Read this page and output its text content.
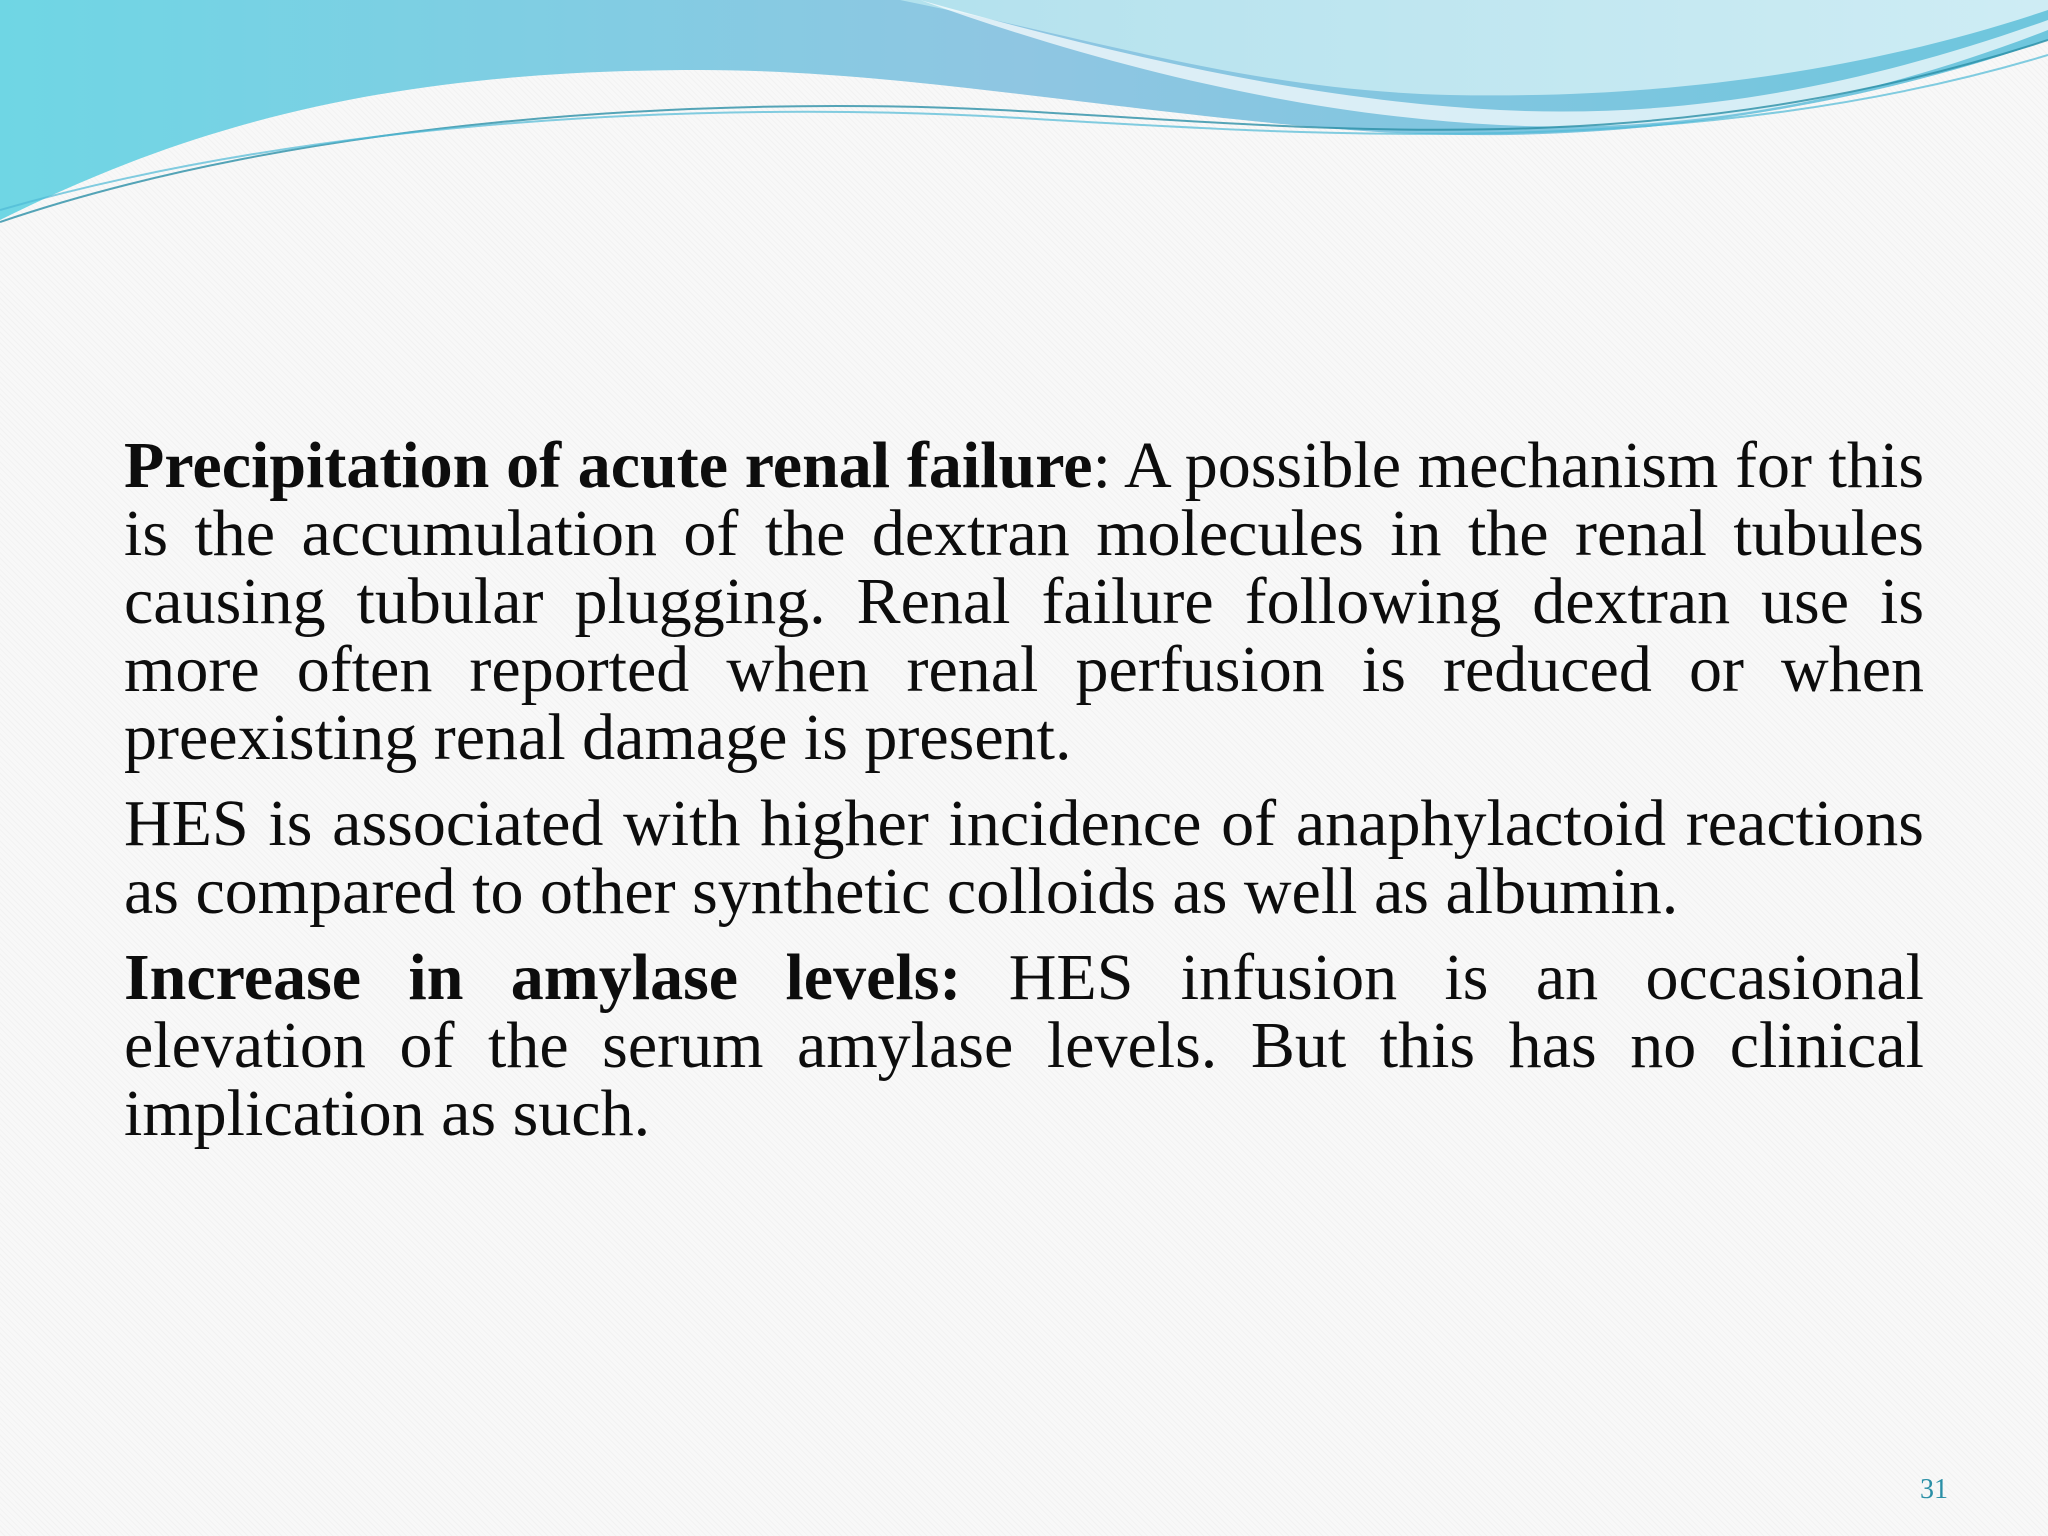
Precipitation of acute renal failure: A possible mechanism for this is the accumulation of the dextran molecules in the renal tubules causing tubular plugging. Renal failure following dextran use is more often reported when renal perfusion is reduced or when preexisting renal damage is present.

HES is associated with higher incidence of anaphylactoid reactions as compared to other synthetic colloids as well as albumin.

Increase in amylase levels: HES infusion is an occasional elevation of the serum amylase levels. But this has no clinical implication as such.

31
